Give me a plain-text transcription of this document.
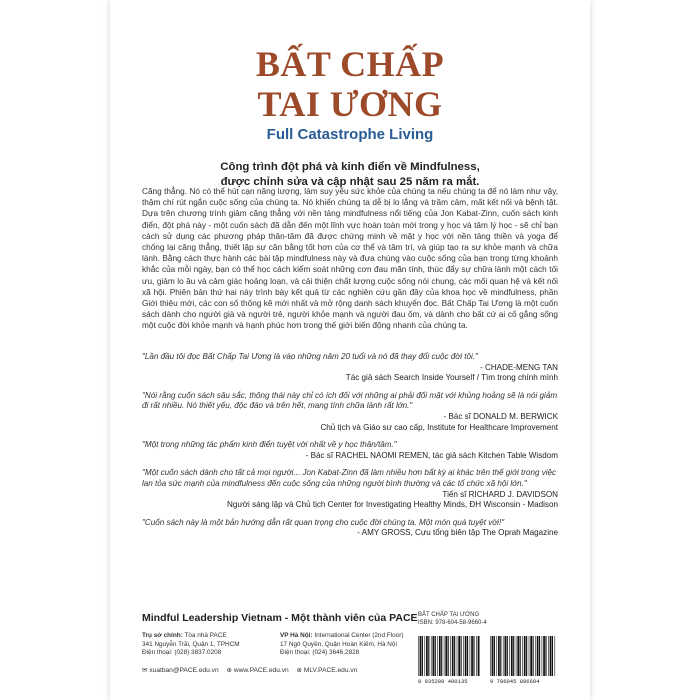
BẤT CHẤP

TAI ƯƠNG

Full Catastrophe Living
Công trình đột phá và kinh điển về Mindfulness,
được chỉnh sửa và cập nhật sau 25 năm ra mắt.

Căng thẳng. Nó có thể hút cạn năng lượng, làm suy yếu sức khỏe của chúng ta nếu chúng ta để nó làm như vậy, thậm chí rút ngắn cuộc sống của chúng ta. Nó khiến chúng ta dễ bị lo lắng và trầm cảm, mất kết nối và bệnh tật. Dựa trên chương trình giảm căng thẳng với nền tảng mindfulness nổi tiếng của Jon Kabat-Zinn, cuốn sách kinh điển, đột phá này - một cuốn sách đã dẫn đến một lĩnh vực hoàn toàn mới trong y học và tâm lý học - sẽ chỉ bạn cách sử dụng các phương pháp thân-tâm đã được chứng minh về mặt y học với nền tảng thiền và yoga để chống lại căng thẳng, thiết lập sự cân bằng tốt hơn của cơ thể và tâm trí, và giúp tạo ra sự khỏe mạnh và chữa lành. Bằng cách thực hành các bài tập mindfulness này và đưa chúng vào cuộc sống của bạn trong từng khoảnh khắc của mỗi ngày, bạn có thể học cách kiểm soát những cơn đau mãn tính, thúc đẩy sự chữa lành một cách tối ưu, giảm lo âu và cảm giác hoảng loạn, và cải thiện chất lượng cuộc sống nói chung, các mối quan hệ và kết nối xã hội. Phiên bản thứ hai này trình bày kết quả từ các nghiên cứu gần đây của khoa học về mindfulness, phần Giới thiệu mới, các con số thống kê mới nhất và mở rộng danh sách khuyến đọc. Bất Chấp Tai Ương là một cuốn sách dành cho người già và người trẻ, người khỏe mạnh và người đau ốm, và dành cho bất cứ ai cố gắng sống một cuộc đời khỏe mạnh và hạnh phúc hơn trong thế giới biến động nhanh của chúng ta.

"Lần đầu tôi đọc Bất Chấp Tai Ương là vào những năm 20 tuổi và nó đã thay đổi cuộc đời tôi."

- CHADE-MENG TAN

Tác giả sách Search Inside Yourself / Tìm trong chính mình

"Nói rằng cuốn sách sâu sắc, thông thái này chỉ có ích đối với những ai phải đối mặt với khủng hoảng sẽ là nói giảm đi rất nhiều. Nó thiết yếu, độc đáo và trên hết, mang tính chữa lành rất lớn."

- Bác sĩ DONALD M. BERWICK

Chủ tịch và Giáo sư cao cấp, Institute for Healthcare Improvement

"Một trong những tác phẩm kinh điển tuyệt vời nhất về y học thân/tâm."

- Bác sĩ RACHEL NAOMI REMEN, tác giả sách Kitchen Table Wisdom

"Một cuốn sách dành cho tất cả mọi người... Jon Kabat-Zinn đã làm nhiều hơn bất kỳ ai khác trên thế giới trong việc lan tỏa sức mạnh của mindfulness đến cuộc sống của những người bình thường và các tổ chức xã hội lớn."

Tiến sĩ RICHARD J. DAVIDSON

Người sáng lập và Chủ tịch Center for Investigating Healthy Minds, ĐH Wisconsin - Madison

"Cuốn sách này là một bản hướng dẫn rất quan trọng cho cuộc đời chúng ta. Một món quà tuyệt vời!"

- AMY GROSS, Cựu tổng biên tập The Oprah Magazine

Mindful Leadership Vietnam - Một thành viên của PACE
Trụ sở chính: Tòa nhà PACE
341 Nguyễn Trãi, Quận 1, TPHCM
Điện thoại: (028) 3837.0208
VP Hà Nội: International Center (2nd Floor)
17 Ngô Quyền, Quận Hoàn Kiếm, Hà Nội
Điện thoại: (024) 3646.2828
✉ xuatban@PACE.edu.vn ⊕ www.PACE.edu.vn ⊕ MLV.PACE.edu.vn
BẤT CHẤP TAI ƯƠNG
ISBN: 978-604-58-9660-4
8 935280 400135	9 786045 896604
